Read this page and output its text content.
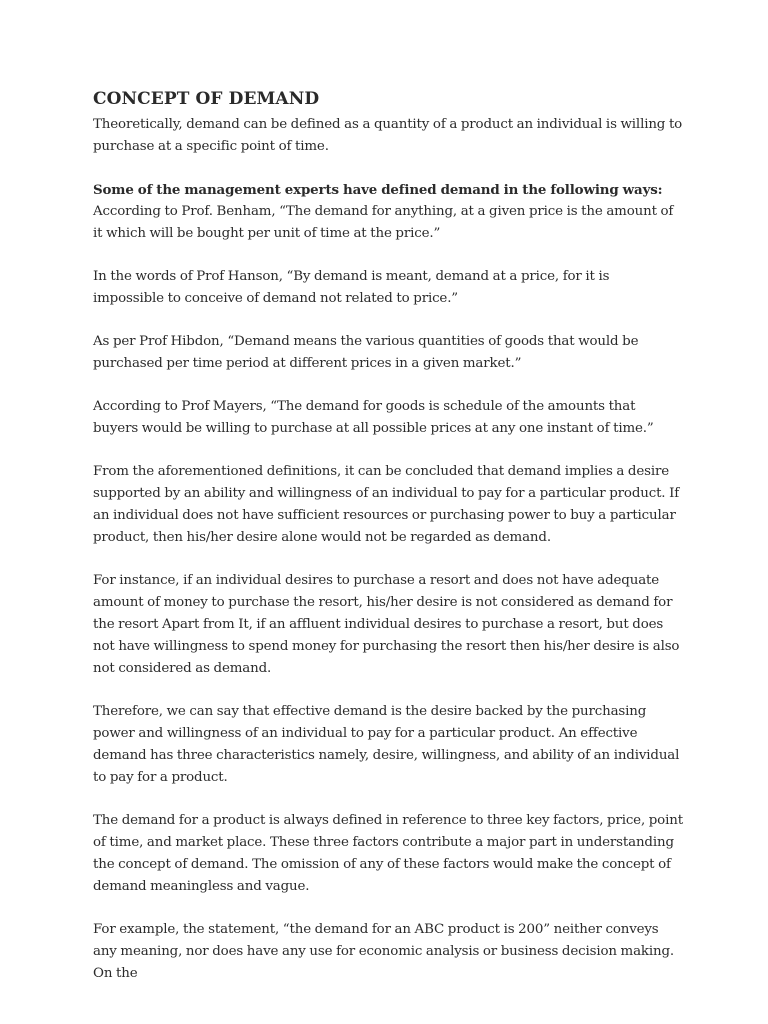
CONCEPT OF DEMAND

Theoretically, demand can be defined as a quantity of a product an individual is willing to purchase at a specific point of time.

Some of the management experts have defined demand in the following ways:

According to Prof. Benham, “The demand for anything, at a given price is the amount of it which will be bought per unit of time at the price.”

In the words of Prof Hanson, “By demand is meant, demand at a price, for it is impossible to conceive of demand not related to price.”

As per Prof Hibdon, “Demand means the various quantities of goods that would be purchased per time period at different prices in a given market.”

According to Prof Mayers, “The demand for goods is schedule of the amounts that buyers would be willing to purchase at all possible prices at any one instant of time.”

From the aforementioned definitions, it can be concluded that demand implies a desire supported by an ability and willingness of an individual to pay for a particular product. If an individual does not have sufficient resources or purchasing power to buy a particular product, then his/her desire alone would not be regarded as demand.

For instance, if an individual desires to purchase a resort and does not have adequate amount of money to purchase the resort, his/her desire is not considered as demand for the resort Apart from It, if an affluent individual desires to purchase a resort, but does not have willingness to spend money for purchasing the resort then his/her desire is also not considered as demand.

Therefore, we can say that effective demand is the desire backed by the purchasing power and willingness of an individual to pay for a particular product. An effective demand has three characteristics namely, desire, willingness, and ability of an individual to pay for a product.

The demand for a product is always defined in reference to three key factors, price, point of time, and market place. These three factors contribute a major part in understanding the concept of demand. The omission of any of these factors would make the concept of demand meaningless and vague.

For example, the statement, “the demand for an ABC product is 200” neither conveys any meaning, nor does have any use for economic analysis or business decision making. On the
